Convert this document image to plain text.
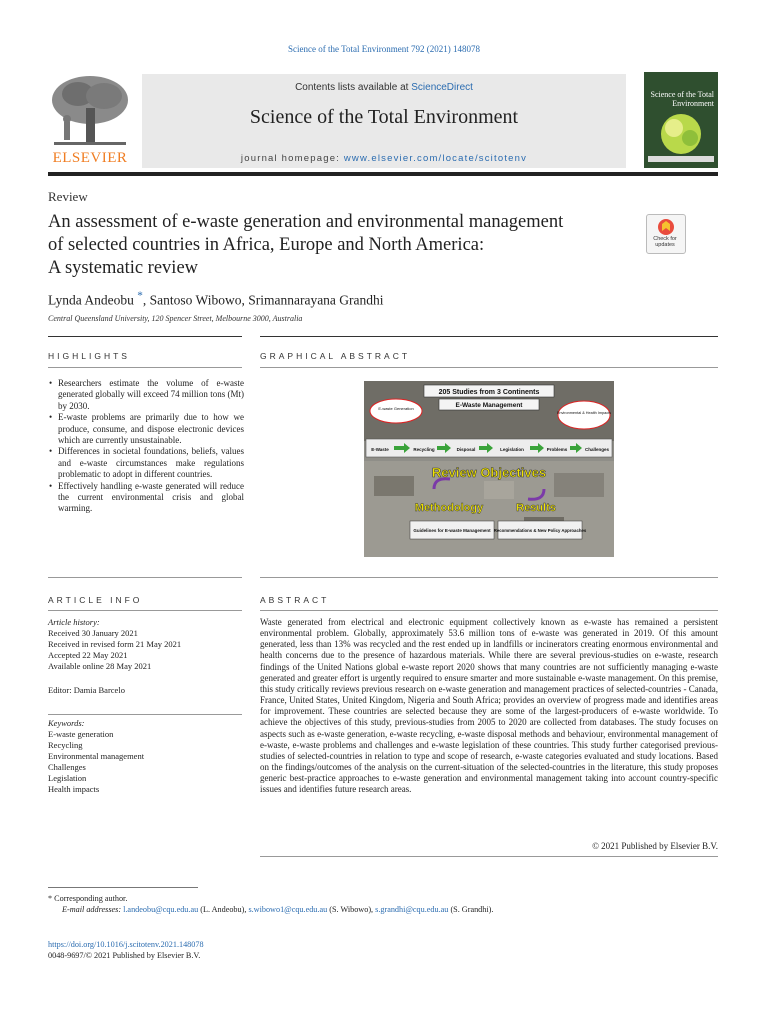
Science of the Total Environment 792 (2021) 148078
ELSEVIER
Contents lists available at ScienceDirect
Science of the Total Environment
journal homepage: www.elsevier.com/locate/scitotenv
Science of the Total Environment
Review
An assessment of e-waste generation and environmental management
of selected countries in Africa, Europe and North America:
A systematic review
Check for updates
Lynda Andeobu *, Santoso Wibowo, Srimannarayana Grandhi
Central Queensland University, 120 Spencer Street, Melbourne 3000, Australia
HIGHLIGHTS	GRAPHICAL ABSTRACT
• Researchers estimate the volume of e-waste generated globally will exceed 74 million tons (Mt) by 2030.
• E-waste problems are primarily due to how we produce, consume, and dispose electronic devices which are currently unsustainable.
• Differences in societal foundations, beliefs, values and e-waste circumstances make regulations problematic to adopt in different countries.
• Effectively handling e-waste generated will reduce the current environmental crisis and global warming.
205 Studies from 3 Continents
E-Waste Management
E-waste Generation
Environmental & Health Impacts
E-Waste	Recycling	Disposal	Legislation	Problems	Challenges
Review Objectives
Methodology	Results
Guidelines for E-waste Management Recommendations & New Policy Approaches
ARTICLE INFO	ABSTRACT
Article history:
Received 30 January 2021
Received in revised form 21 May 2021
Accepted 22 May 2021
Available online 28 May 2021
Editor: Damia Barcelo
Keywords:
E-waste generation
Recycling
Environmental management
Challenges
Legislation
Health impacts
Waste generated from electrical and electronic equipment collectively known as e-waste has remained a persistent environmental problem. Globally, approximately 53.6 million tons of e-waste was generated in 2019. Of this amount generated, less than 13% was recycled and the rest ended up in landfills or incinerators creating enormous environmental and health concerns due to the presence of hazardous materials. While there are several previous-studies on e-waste, research findings of the United Nations global e-waste report 2020 shows that many countries are not sufficiently managing e-waste generated and greater effort is urgently required to ensure smarter and more sustainable e-waste management. On this premise, this study critically reviews previous research on e-waste generation and management practices of selected-countries - Canada, France, United States, United Kingdom, Nigeria and South Africa; provides an overview of progress made and identifies areas for improvement. These countries are selected because they are some of the largest-producers of e-waste worldwide. To achieve the objectives of this study, previous-studies from 2005 to 2020 are collected from databases. The study focuses on aspects such as e-waste generation, e-waste recycling, e-waste disposal methods and behaviour, environmental management of e-waste, e-waste problems and challenges and e-waste legislation of these countries. This study further categorised previous-studies of selected-countries in relation to type and scope of research, e-waste categories evaluated and study locations. Based on the findings/outcomes of the analysis on the current-situation of the selected-countries in the literature, this study proposes generic best-practice approaches to e-waste generation and environmental management taking into account country-specific issues and identifies future research areas.
© 2021 Published by Elsevier B.V.
* Corresponding author.
E-mail addresses: l.andeobu@cqu.edu.au (L. Andeobu), s.wibowo1@cqu.edu.au (S. Wibowo), s.grandhi@cqu.edu.au (S. Grandhi).
https://doi.org/10.1016/j.scitotenv.2021.148078
0048-9697/© 2021 Published by Elsevier B.V.
